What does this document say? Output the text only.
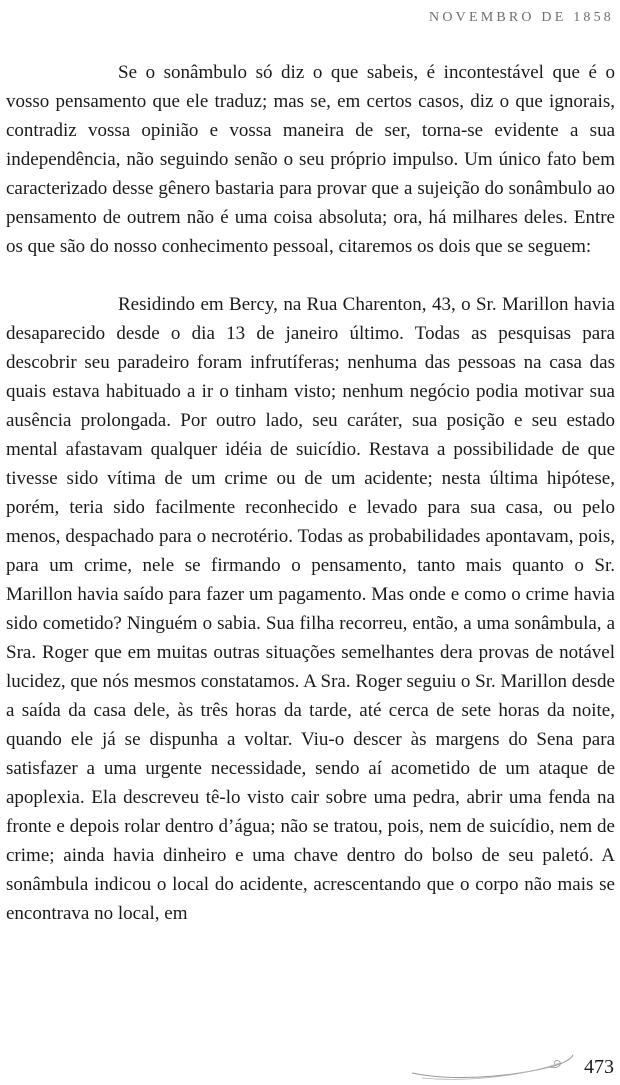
NOVEMBRO DE 1858

Se o sonâmbulo só diz o que sabeis, é incontestável que é o vosso pensamento que ele traduz; mas se, em certos casos, diz o que ignorais, contradiz vossa opinião e vossa maneira de ser, torna-se evidente a sua independência, não seguindo senão o seu próprio impulso. Um único fato bem caracterizado desse gênero bastaria para provar que a sujeição do sonâmbulo ao pensamento de outrem não é uma coisa absoluta; ora, há milhares deles. Entre os que são do nosso conhecimento pessoal, citaremos os dois que se seguem:

Residindo em Bercy, na Rua Charenton, 43, o Sr. Marillon havia desaparecido desde o dia 13 de janeiro último. Todas as pesquisas para descobrir seu paradeiro foram infrutíferas; nenhuma das pessoas na casa das quais estava habituado a ir o tinham visto; nenhum negócio podia motivar sua ausência prolongada. Por outro lado, seu caráter, sua posição e seu estado mental afastavam qualquer idéia de suicídio. Restava a possibilidade de que tivesse sido vítima de um crime ou de um acidente; nesta última hipótese, porém, teria sido facilmente reconhecido e levado para sua casa, ou pelo menos, despachado para o necrotério. Todas as probabilidades apontavam, pois, para um crime, nele se firmando o pensamento, tanto mais quanto o Sr. Marillon havia saído para fazer um pagamento. Mas onde e como o crime havia sido cometido? Ninguém o sabia. Sua filha recorreu, então, a uma sonâmbula, a Sra. Roger que em muitas outras situações semelhantes dera provas de notável lucidez, que nós mesmos constatamos. A Sra. Roger seguiu o Sr. Marillon desde a saída da casa dele, às três horas da tarde, até cerca de sete horas da noite, quando ele já se dispunha a voltar. Viu-o descer às margens do Sena para satisfazer a uma urgente necessidade, sendo aí acometido de um ataque de apoplexia. Ela descreveu tê-lo visto cair sobre uma pedra, abrir uma fenda na fronte e depois rolar dentro d’água; não se tratou, pois, nem de suicídio, nem de crime; ainda havia dinheiro e uma chave dentro do bolso de seu paletó. A sonâmbula indicou o local do acidente, acrescentando que o corpo não mais se encontrava no local, em

473
